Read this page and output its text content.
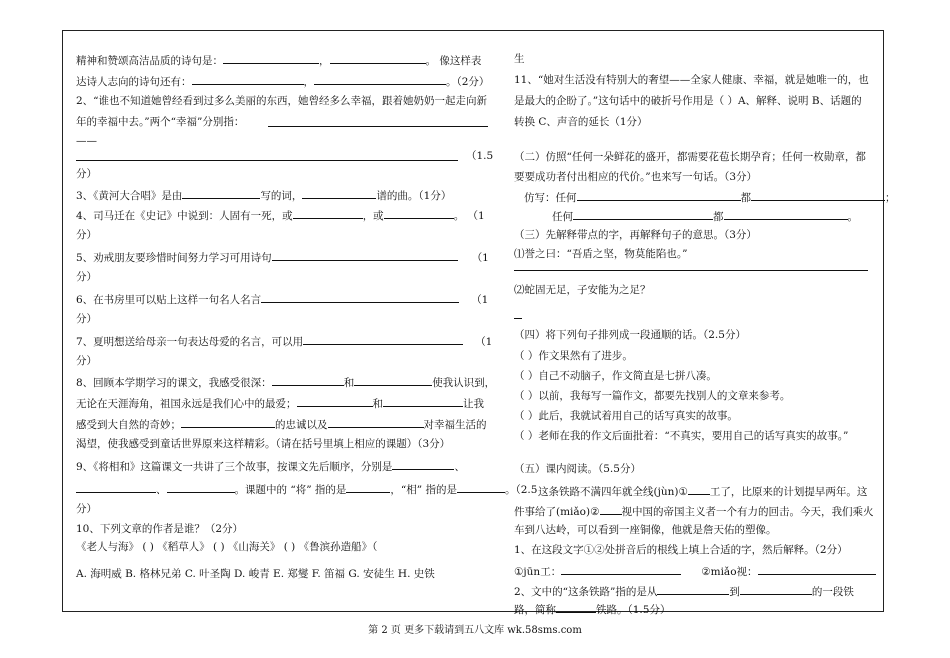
精神和赞颂高洁品质的诗句是：	，	。 像这样表
达诗人志向的诗句还有：	，	。（2分）
2、“谁也不知道她曾经看到过多么美丽的东西，她曾经多么幸福，跟着她奶奶一起走向新
年的幸福中去。”两个“幸福”分别指：
——
（1.5
分）
3、《黄河大合唱》是由	写的词，	谱的曲。（1分）
4、司马迁在《史记》中说到：人固有一死，或	，或	。 （1
分）
5、劝戒朋友要珍惜时间努力学习可用诗句	（1
分）
6、在书房里可以贴上这样一句名人名言	（1
分）
7、夏明想送给母亲一句表达母爱的名言，可以用	（1
分）
8、回顾本学期学习的课文，我感受很深：	和	使我认识到，
无论在天涯海角，祖国永远是我们心中的最爱；	和	让我
感受到大自然的奇妙；	的忠诚以及	对幸福生活的
渴望，使我感受到童话世界原来这样精彩。（请在括号里填上相应的课题）（3分）
9、《将相和》这篇课文一共讲了三个故事，按课文先后顺序，分别是	、
、	。课题中的 “将” 指的是	，“相” 指的是	。（2.5
分）
10、下列文章的作者是谁？（2分）
《老人与海》 ( ) 《稻草人》 ( ) 《山海关》 ( ) 《鲁滨孙造船》（
A. 海明威 B. 格林兄弟 C. 叶圣陶 D. 峻青 E. 郑燮 F. 笛福 G. 安徒生 H. 史铁
生
11、“她对生活没有特别大的奢望——全家人健康、幸福，就是她唯一的，也
是最大的企盼了。”这句话中的破折号作用是（ ）A、解释、说明 B、话题的
转换 C、声音的延长（1分）
（二）仿照“任何一朵鲜花的盛开，都需要花苞长期孕育；任何一枚勋章，都
要要成功者付出相应的代价。”也来写一句话。（3分）
仿写：任何	都	；
任何	都	。
（三）先解释带点的字，再解释句子的意思。（3分）
⑴誉之曰：“吾盾之坚，物莫能陷也。”
⑵蛇固无足，子安能为之足？
（四）将下列句子排列成一段通顺的话。（2.5分）
（ ）作文果然有了进步。
（ ）自己不动脑子，作文简直是七拼八凑。
（ ）以前，我每写一篇作文，都要先找别人的文章来参考。
（ ）此后，我就试着用自己的话写真实的故事。
（ ）老师在我的作文后面批着：“不真实，要用自己的话写真实的故事。”
（五）课内阅读。（5.5分）
这条铁路不满四年就全线(jùn)① 工了，比原来的计划提早两年。这
件事给了(miǎo)② 视中国的帝国主义者一个有力的回击。今天，我们乘火
车到八达岭，可以看到一座铜像，他就是詹天佑的塑像。
1、在这段文字①②处拼音后的根线上填上合适的字，然后解释。（2分）
①jūn工：	②miǎo视：
2、文中的“这条铁路”指的是从	到	的一段铁
路，简称	铁路。（1.5分）
第 2 页 更多下载请到五八文库 wk.58sms.com
